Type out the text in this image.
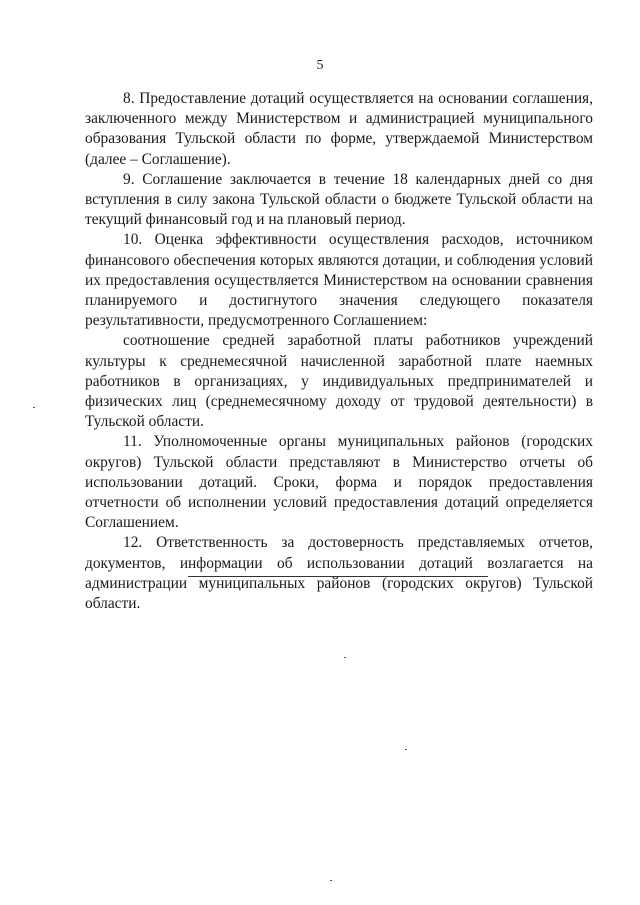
5

8. Предоставление дотаций осуществляется на основании соглашения, заключенного между Министерством и администрацией муниципального образования Тульской области по форме, утверждаемой Министерством (далее – Соглашение).

9. Соглашение заключается в течение 18 календарных дней со дня вступления в силу закона Тульской области о бюджете Тульской области на текущий финансовый год и на плановый период.

10. Оценка эффективности осуществления расходов, источником финансового обеспечения которых являются дотации, и соблюдения условий их предоставления осуществляется Министерством на основании сравнения планируемого и достигнутого значения следующего показателя результативности, предусмотренного Соглашением:

соотношение средней заработной платы работников учреждений культуры к среднемесячной начисленной заработной плате наемных работников в организациях, у индивидуальных предпринимателей и физических лиц (среднемесячному доходу от трудовой деятельности) в Тульской области.

11. Уполномоченные органы муниципальных районов (городских округов) Тульской области представляют в Министерство отчеты об использовании дотаций. Сроки, форма и порядок предоставления отчетности об исполнении условий предоставления дотаций определяется Соглашением.

12. Ответственность за достоверность представляемых отчетов, документов, информации об использовании дотаций возлагается на администрации муниципальных районов (городских округов) Тульской области.
